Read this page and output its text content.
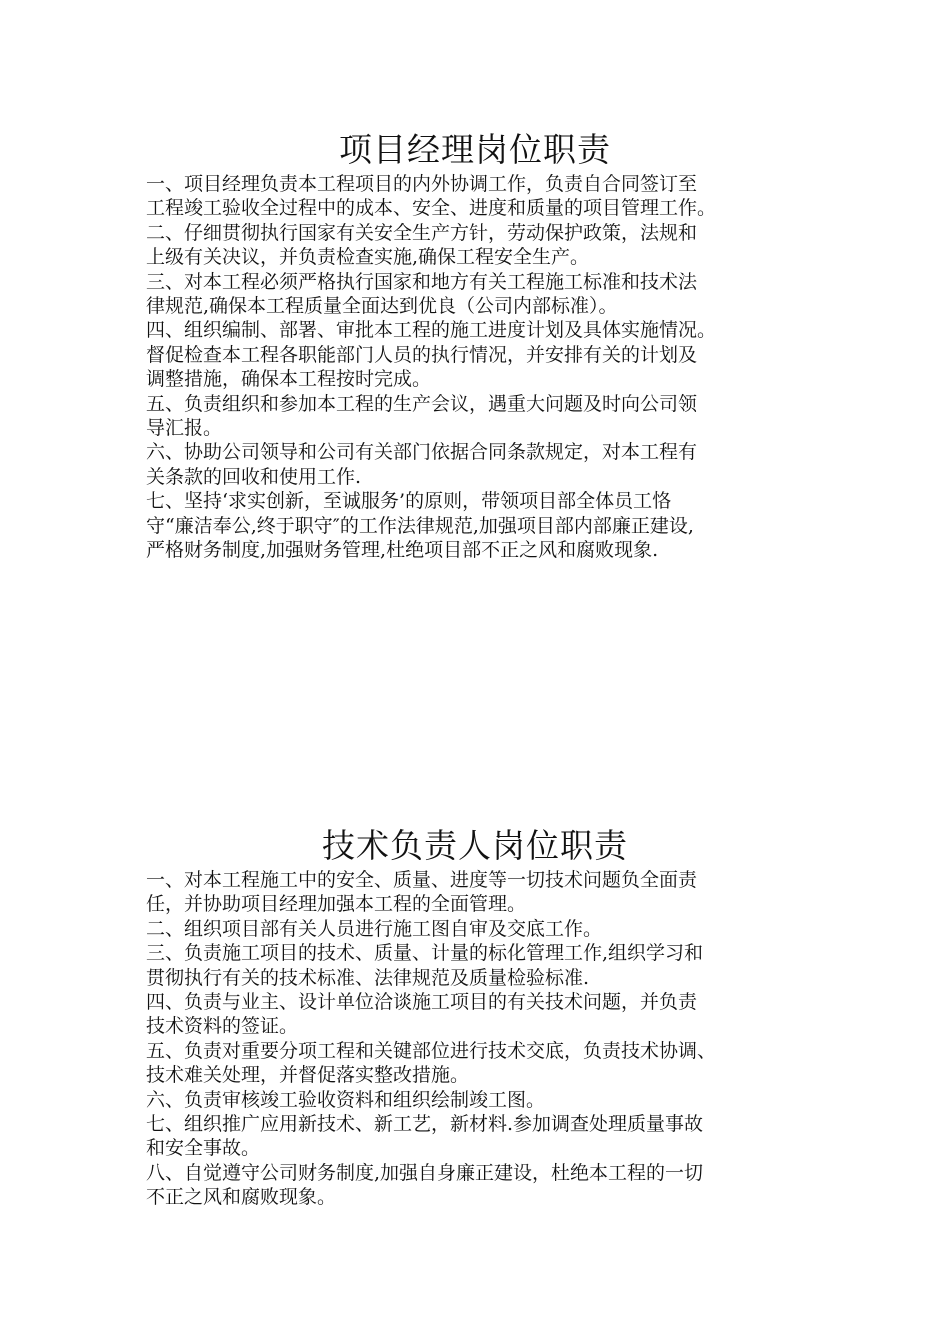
项目经理岗位职责
一、项目经理负责本工程项目的内外协调工作，负责自合同签订至
工程竣工验收全过程中的成本、安全、进度和质量的项目管理工作。
二、仔细贯彻执行国家有关安全生产方针，劳动保护政策，法规和
上级有关决议，并负责检查实施,确保工程安全生产。
三、对本工程必须严格执行国家和地方有关工程施工标准和技术法
律规范,确保本工程质量全面达到优良（公司内部标准）。
四、组织编制、部署、审批本工程的施工进度计划及具体实施情况。
督促检查本工程各职能部门人员的执行情况，并安排有关的计划及
调整措施，确保本工程按时完成。
五、负责组织和参加本工程的生产会议，遇重大问题及时向公司领
导汇报。
六、协助公司领导和公司有关部门依据合同条款规定，对本工程有
关条款的回收和使用工作.
七、坚持‘求实创新，至诚服务’的原则，带领项目部全体员工恪
守“廉洁奉公,终于职守″的工作法律规范,加强项目部内部廉正建设,
严格财务制度,加强财务管理,杜绝项目部不正之风和腐败现象.
技术负责人岗位职责
一、对本工程施工中的安全、质量、进度等一切技术问题负全面责
任，并协助项目经理加强本工程的全面管理。
二、组织项目部有关人员进行施工图自审及交底工作。
三、负责施工项目的技术、质量、计量的标化管理工作,组织学习和
贯彻执行有关的技术标准、法律规范及质量检验标准.
四、负责与业主、设计单位洽谈施工项目的有关技术问题，并负责
技术资料的签证。
五、负责对重要分项工程和关键部位进行技术交底，负责技术协调、
技术难关处理，并督促落实整改措施。
六、负责审核竣工验收资料和组织绘制竣工图。
七、组织推广应用新技术、新工艺，新材料.参加调查处理质量事故
和安全事故。
八、自觉遵守公司财务制度,加强自身廉正建设，杜绝本工程的一切
不正之风和腐败现象。
